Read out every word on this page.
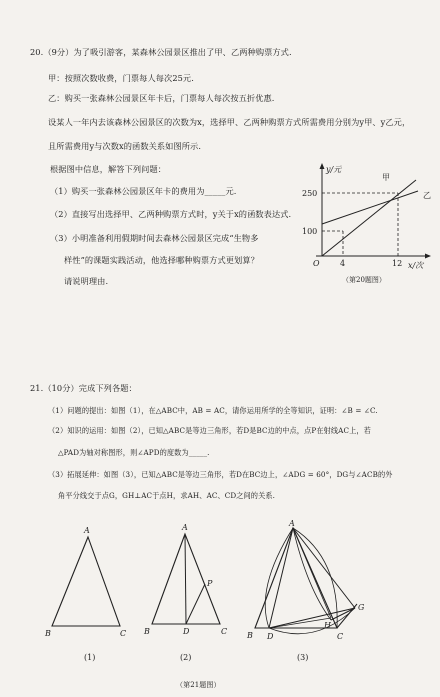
20.（9分）为了吸引游客，某森林公园景区推出了甲、乙两种购票方式.
甲：按照次数收费，门票每人每次25元.
乙：购买一张森林公园景区年卡后，门票每人每次按五折优惠.
设某人一年内去该森林公园景区的次数为x，选择甲、乙两种购票方式所需费用分别为y甲、y乙元，
且所需费用y与次数x的函数关系如图所示.
根据图中信息，解答下列问题：
（1）购买一张森林公园景区年卡的费用为_____元.
（2）直接写出选择甲、乙两种购票方式时，y关于x的函数表达式.
（3）小明准备利用假期时间去森林公园景区完成“生物多
样性”的课题实践活动，他选择哪种购票方式更划算？
请说明理由.
y/元
x/次
O
250
100
4	12
甲
乙
（第20题图）
21.（10分）完成下列各题：
（1）问题的提出：如图（1），在△ABC中，AB = AC，请你运用所学的全等知识，证明：∠B = ∠C.
（2）知识的运用：如图（2），已知△ABC是等边三角形，若D是BC边的中点，点P在射线AC上，若
△PAD为轴对称图形，则∠APD的度数为_____.
（3）拓展延伸：如图（3），已知△ABC是等边三角形，若D在BC边上，∠ADG = 60°，DG与∠ACB的外
角平分线交于点G，GH⊥AC于点H，求AH、AC、CD之间的关系.
A
B	C
(1)
A
B	C
D
P
(2)
A
B	C
D
G
H
(3)
（第21题图）
